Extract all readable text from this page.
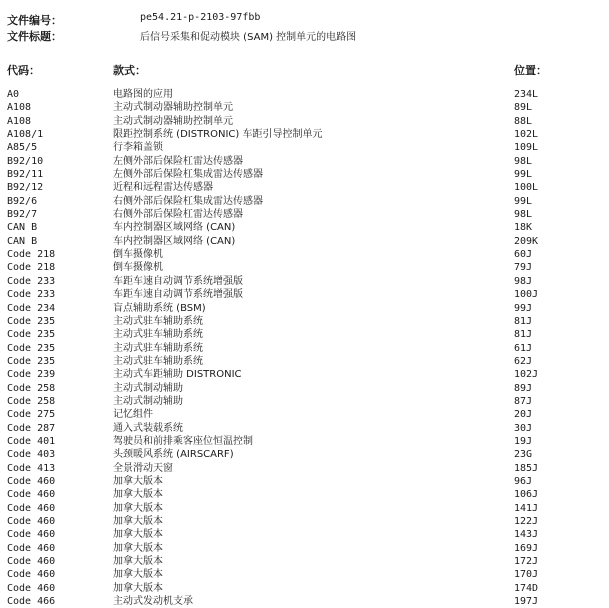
文件编号：	pe54.21-p-2103-97fbb
文件标题：	后信号采集和促动模块 (SAM) 控制单元的电路图
代码：	款式：	位置：
A0	电路图的应用	234L
A108	主动式制动器辅助控制单元	89L
A108	主动式制动器辅助控制单元	88L
A108/1	限距控制系统 (DISTRONIC) 车距引导控制单元	102L
A85/5	行李箱盖锁	109L
B92/10	左侧外部后保险杠雷达传感器	98L
B92/11	左侧外部后保险杠集成雷达传感器	99L
B92/12	近程和远程雷达传感器	100L
B92/6	右侧外部后保险杠集成雷达传感器	99L
B92/7	右侧外部后保险杠雷达传感器	98L
CAN B	车内控制器区域网络 (CAN)	18K
CAN B	车内控制器区域网络 (CAN)	209K
Code 218	倒车摄像机	60J
Code 218	倒车摄像机	79J
Code 233	车距车速自动调节系统增强版	98J
Code 233	车距车速自动调节系统增强版	100J
Code 234	盲点辅助系统 (BSM)	99J
Code 235	主动式驻车辅助系统	81J
Code 235	主动式驻车辅助系统	81J
Code 235	主动式驻车辅助系统	61J
Code 235	主动式驻车辅助系统	62J
Code 239	主动式车距辅助 DISTRONIC	102J
Code 258	主动式制动辅助	89J
Code 258	主动式制动辅助	87J
Code 275	记忆组件	20J
Code 287	通入式装载系统	30J
Code 401	驾驶员和前排乘客座位恒温控制	19J
Code 403	头颈暖风系统 (AIRSCARF)	23G
Code 413	全景滑动天窗	185J
Code 460	加拿大版本	96J
Code 460	加拿大版本	106J
Code 460	加拿大版本	141J
Code 460	加拿大版本	122J
Code 460	加拿大版本	143J
Code 460	加拿大版本	169J
Code 460	加拿大版本	172J
Code 460	加拿大版本	170J
Code 460	加拿大版本	174D
Code 466	主动式发动机支承	197J
